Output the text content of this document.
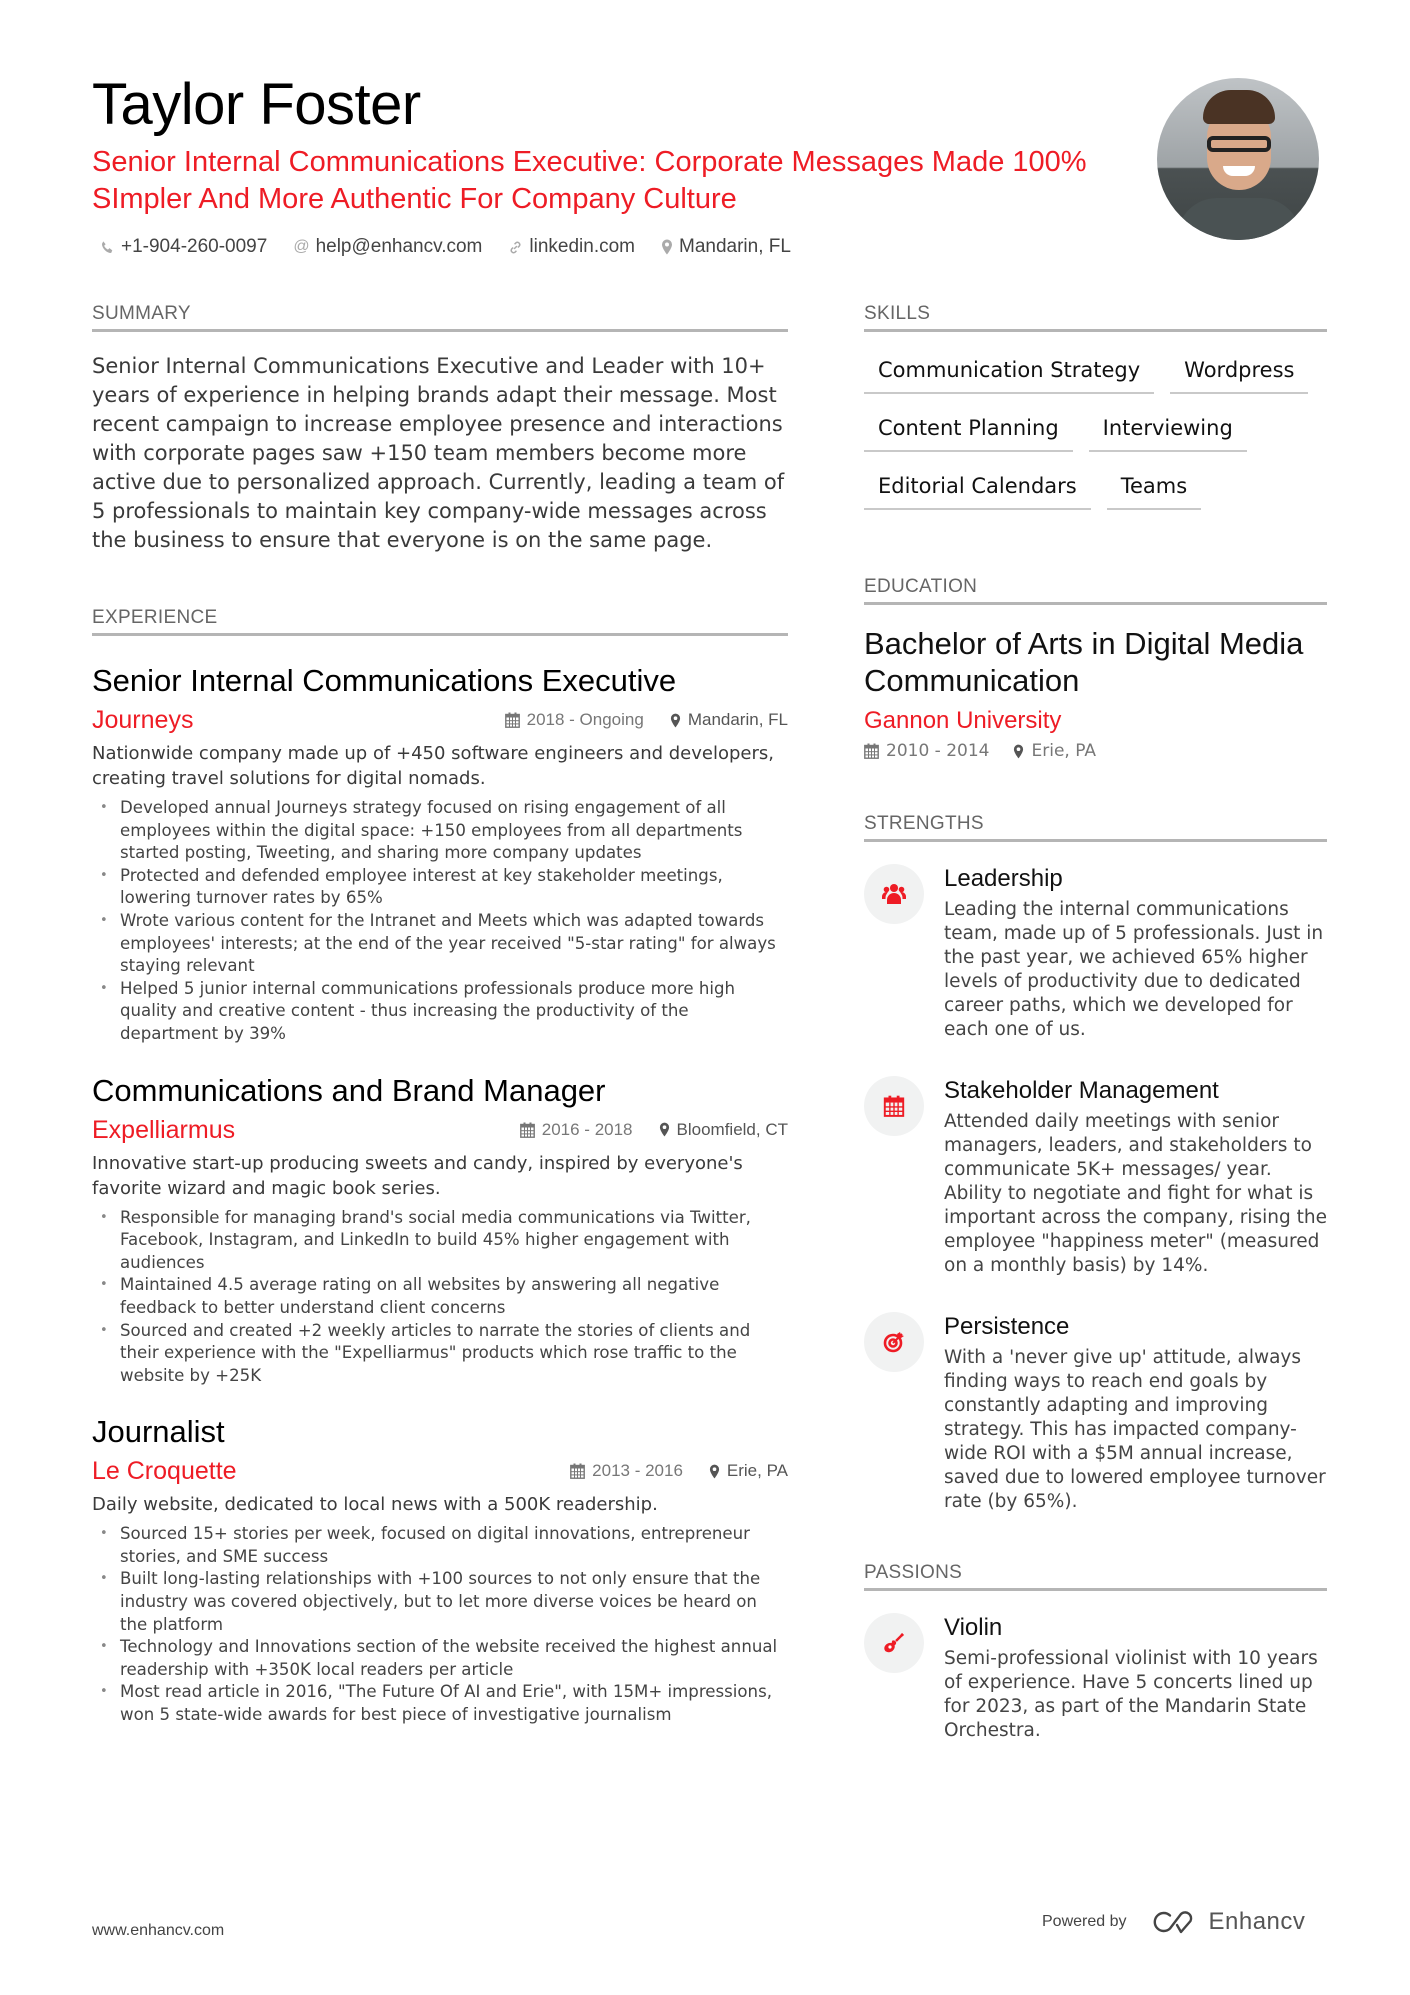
Taylor Foster
Senior Internal Communications Executive: Corporate Messages Made 100% SImpler And More Authentic For Company Culture
+1-904-260-0097 @ help@enhancv.com linkedin.com Mandarin, FL
SUMMARY

Senior Internal Communications Executive and Leader with 10+ years of experience in helping brands adapt their message. Most recent campaign to increase employee presence and interactions with corporate pages saw +150 team members become more active due to personalized approach. Currently, leading a team of 5 professionals to maintain key company-wide messages across the business to ensure that everyone is on the same page.

EXPERIENCE
Senior Internal Communications Executive
Journeys	2018 - Ongoing	Mandarin, FL

Nationwide company made up of +450 software engineers and developers, creating travel solutions for digital nomads.

• Developed annual Journeys strategy focused on rising engagement of all employees within the digital space: +150 employees from all departments started posting, Tweeting, and sharing more company updates
• Protected and defended employee interest at key stakeholder meetings, lowering turnover rates by 65%
• Wrote various content for the Intranet and Meets which was adapted towards employees' interests; at the end of the year received "5-star rating" for always staying relevant
• Helped 5 junior internal communications professionals produce more high quality and creative content - thus increasing the productivity of the department by 39%
Communications and Brand Manager
Expelliarmus	2016 - 2018	Bloomfield, CT

Innovative start-up producing sweets and candy, inspired by everyone's favorite wizard and magic book series.

• Responsible for managing brand's social media communications via Twitter, Facebook, Instagram, and LinkedIn to build 45% higher engagement with audiences
• Maintained 4.5 average rating on all websites by answering all negative feedback to better understand client concerns
• Sourced and created +2 weekly articles to narrate the stories of clients and their experience with the "Expelliarmus" products which rose traffic to the website by +25K
Journalist
Le Croquette	2013 - 2016	Erie, PA

Daily website, dedicated to local news with a 500K readership.

• Sourced 15+ stories per week, focused on digital innovations, entrepreneur stories, and SME success
• Built long-lasting relationships with +100 sources to not only ensure that the industry was covered objectively, but to let more diverse voices be heard on the platform
• Technology and Innovations section of the website received the highest annual readership with +350K local readers per article
• Most read article in 2016, "The Future Of AI and Erie", with 15M+ impressions, won 5 state-wide awards for best piece of investigative journalism
SKILLS
Communication Strategy	Wordpress
Content Planning	Interviewing
Editorial Calendars	Teams
EDUCATION
Bachelor of Arts in Digital Media Communication
Gannon University
2010 - 2014 Erie, PA
STRENGTHS
Leadership

Leading the internal communications team, made up of 5 professionals. Just in the past year, we achieved 65% higher levels of productivity due to dedicated career paths, which we developed for each one of us.

Stakeholder Management

Attended daily meetings with senior managers, leaders, and stakeholders to communicate 5K+ messages/ year. Ability to negotiate and fight for what is important across the company, rising the employee "happiness meter" (measured on a monthly basis) by 14%.

Persistence

With a 'never give up' attitude, always finding ways to reach end goals by constantly adapting and improving strategy. This has impacted company-wide ROI with a $5M annual increase, saved due to lowered employee turnover rate (by 65%).

PASSIONS
Violin

Semi-professional violinist with 10 years of experience. Have 5 concerts lined up for 2023, as part of the Mandarin State Orchestra.

www.enhancv.com
Powered by	Enhancv
